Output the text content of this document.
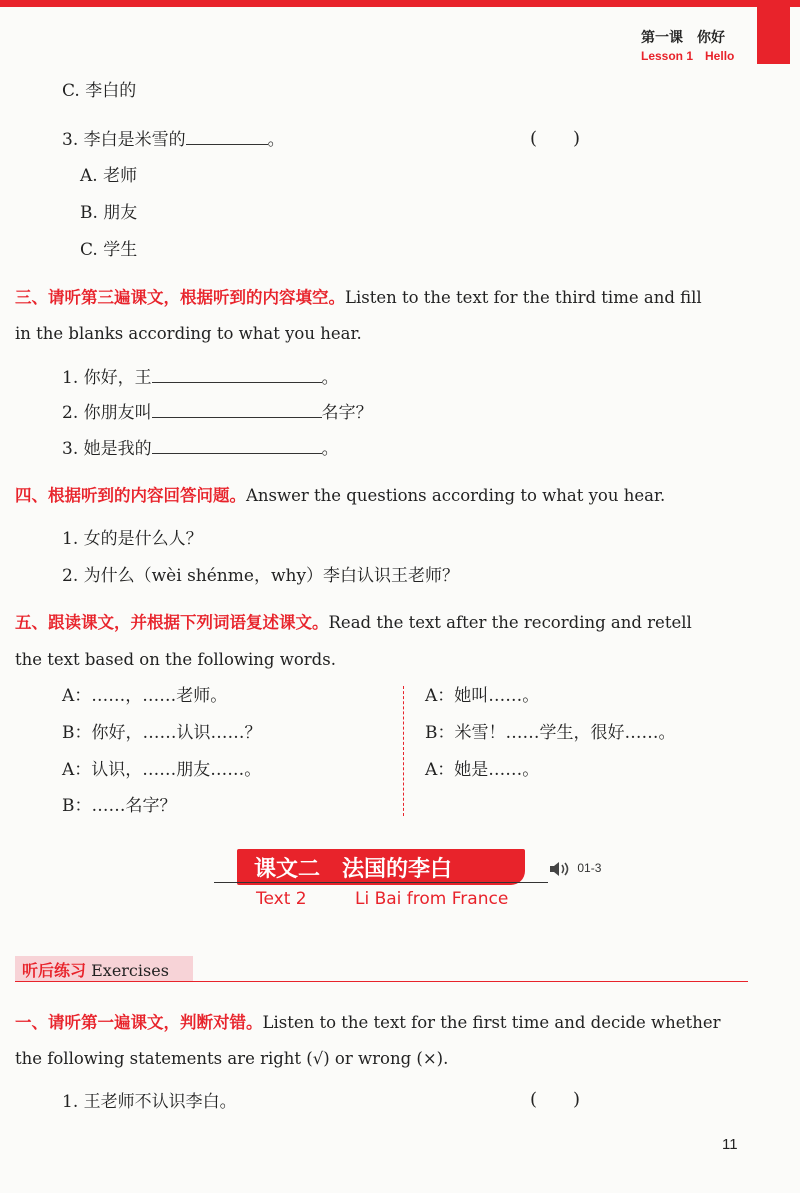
第一课　你好
Lesson 1　Hello
C. 李白的
3. 李白是米雪的	。	(　　)
A. 老师
B. 朋友
C. 学生
三、请听第三遍课文，根据听到的内容填空。Listen to the text for the third time and fill
in the blanks according to what you hear.
1. 你好，王	。
2. 你朋友叫	名字？
3. 她是我的	。
四、根据听到的内容回答问题。Answer the questions according to what you hear.
1. 女的是什么人？
2. 为什么（wèi shénme，why）李白认识王老师？
五、跟读课文，并根据下列词语复述课文。Read the text after the recording and retell
the text based on the following words.
A：……，……老师。
B：你好，……认识……？
A：认识，……朋友……。
B：……名字？
A：她叫……。
B：米雪！……学生，很好……。
A：她是……。
课文二　法国的李白
Text 2	Li Bai from France
01-3
听后练习 Exercises
一、请听第一遍课文，判断对错。Listen to the text for the first time and decide whether
the following statements are right (√) or wrong (×).
1. 王老师不认识李白。	(　　)
11
